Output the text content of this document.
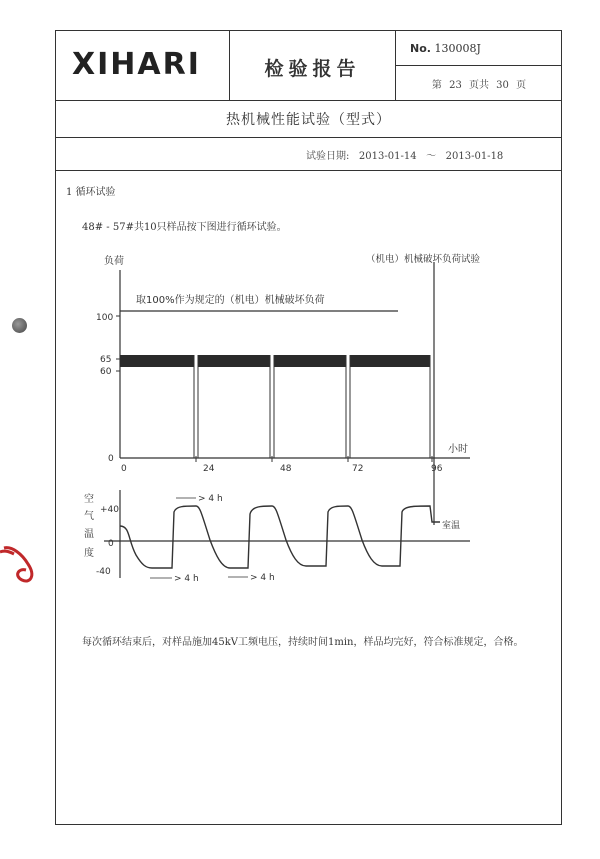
XIHARI	检验报告
No. 130008J
第 23 页共 30 页
热机械性能试验（型式）
试验日期:   2013-01-14   ～   2013-01-18
1 循环试验
48# - 57#共10只样品按下图进行循环试验。
负荷
小时
100
65
60
0
取100%作为规定的（机电）机械破坏负荷
（机电）机械破坏负荷试验
0	24	48	72	96
空
气
温
度
+40
0
-40
室温
> 4 h
> 4 h	> 4 h
每次循环结束后，对样品施加45kV工频电压，持续时间1min，样品均完好，符合标准规定，合格。
